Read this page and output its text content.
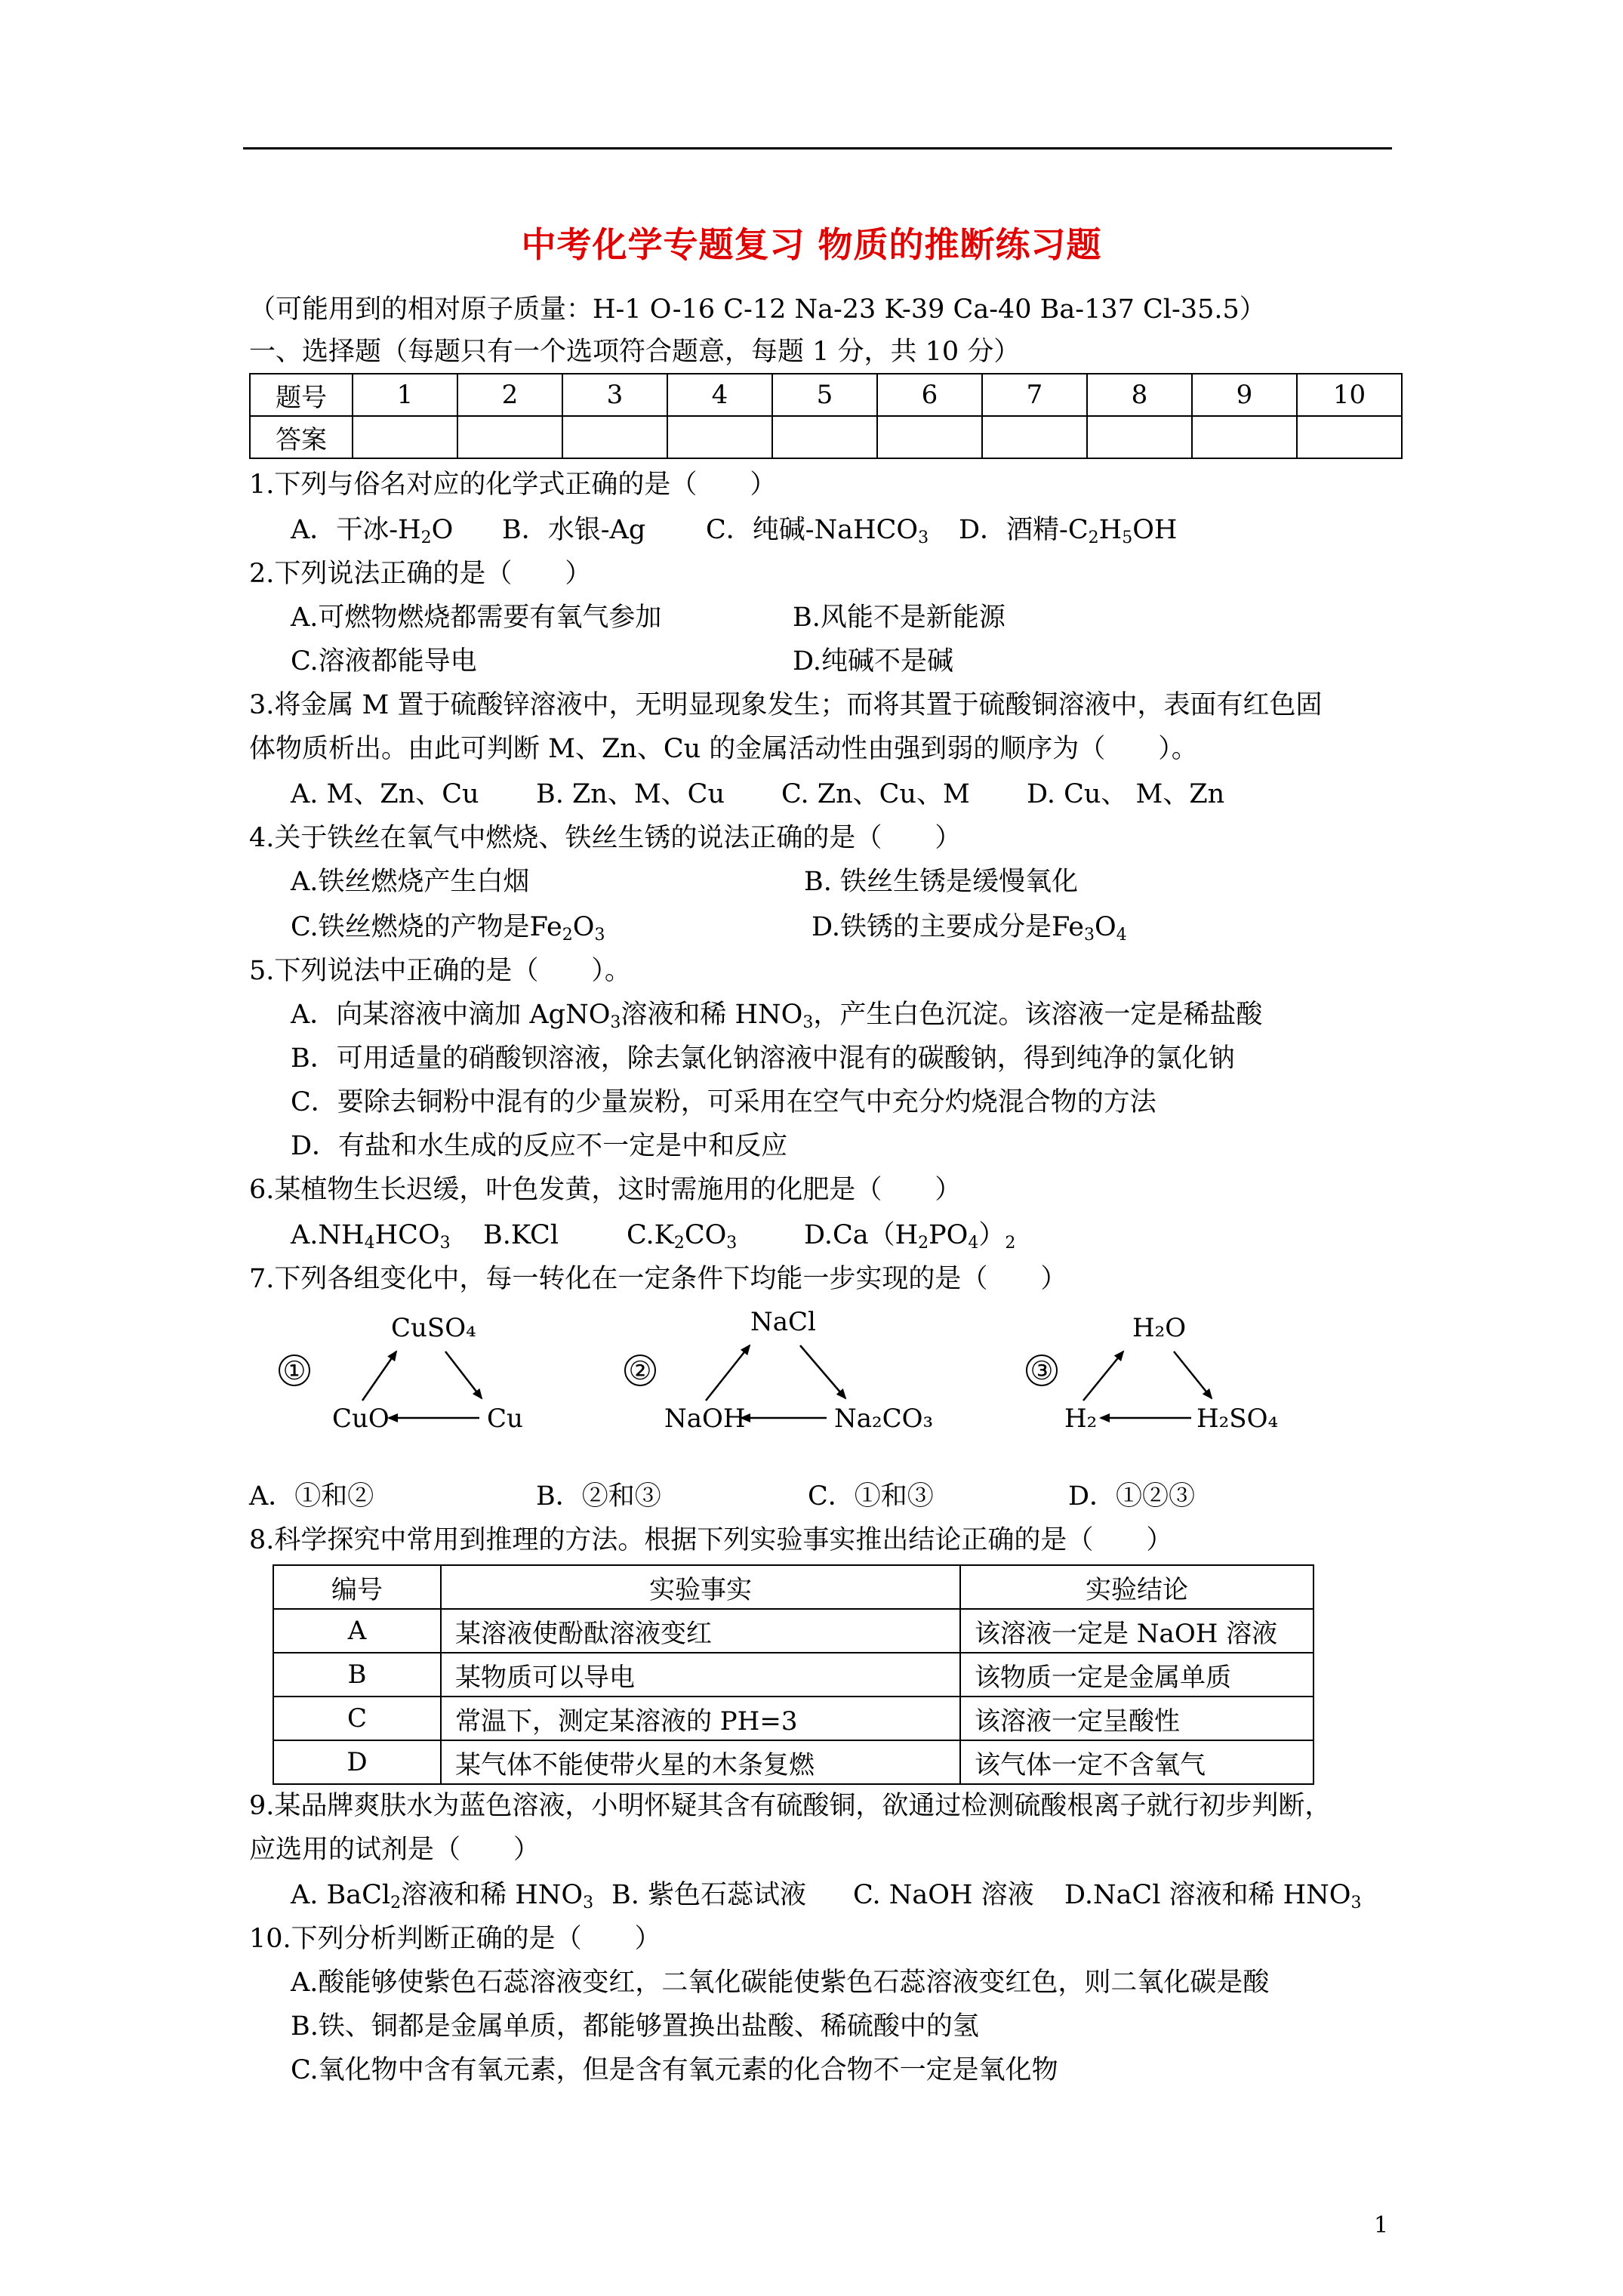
中考化学专题复习 物质的推断练习题
（可能用到的相对原子质量：H-1 O-16 C-12 Na-23 K-39 Ca-40 Ba-137 Cl-35.5）
一、选择题（每题只有一个选项符合题意，每题 1 分，共 10 分）
题号	1	2	3	4	5	6	7	8	9	10
答案										
1.下列与俗名对应的化学式正确的是（　　）
A．干冰$-H_2O$ B．水银-Ag C．纯碱-NaHCO$_3$ D．酒精$-C_2H_5OH$
2.下列说法正确的是（　　）
A.可燃物燃烧都需要有氧气参加	B.风能不是新能源
C.溶液都能导电	D.纯碱不是碱
3.将金属 M 置于硫酸锌溶液中，无明显现象发生；而将其置于硫酸铜溶液中，表面有红色固
体物质析出。由此可判断 M、Zn、Cu 的金属活动性由强到弱的顺序为（　　）。
A. M、Zn、Cu B. Zn、M、Cu C. Zn、Cu、M D. Cu、 M、Zn
4.关于铁丝在氧气中燃烧、铁丝生锈的说法正确的是（　　）
A.铁丝燃烧产生白烟	B. 铁丝生锈是缓慢氧化
C.铁丝燃烧的产物是$Fe_2O_3$	D.铁锈的主要成分是$Fe_3O_4$
5.下列说法中正确的是（　　）。
A．向某溶液中滴加 AgNO$_3$溶液和稀 $HNO_3$，产生白色沉淀。该溶液一定是稀盐酸
B．可用适量的硝酸钡溶液，除去氯化钠溶液中混有的碳酸钠，得到纯净的氯化钠
C．要除去铜粉中混有的少量炭粉，可采用在空气中充分灼烧混合物的方法
D．有盐和水生成的反应不一定是中和反应
6.某植物生长迟缓，叶色发黄，这时需施用的化肥是（　　）
$A.NH_4HCO_3$ B.KCl	$C.K_2CO_3$	$D.Ca(H_2PO_4)_2$
7.下列各组变化中，每一转化在一定条件下均能一步实现的是（　　）
①
CuSO₄
CuO	Cu
②
NaCl
NaOH	Na₂CO₃
③
H₂O
H₂	H₂SO₄
A．①和②	B．②和③	C．①和③	D．①②③
8.科学探究中常用到推理的方法。根据下列实验事实推出结论正确的是（　　）
编号	实验事实	实验结论
A	某溶液使酚酞溶液变红	该溶液一定是 NaOH 溶液
B	某物质可以导电	该物质一定是金属单质
C	常温下，测定某溶液的 PH=3	该溶液一定呈酸性
D	某气体不能使带火星的木条复燃	该气体一定不含氧气
9.某品牌爽肤水为蓝色溶液，小明怀疑其含有硫酸铜，欲通过检测硫酸根离子就行初步判断，
应选用的试剂是（　　）
A. BaCl$_2$溶液和稀 $HNO_3$ B. 紫色石蕊试液 C. NaOH 溶液 D.NaCl 溶液和稀 $HNO_3$
10.下列分析判断正确的是（　　）
A.酸能够使紫色石蕊溶液变红，二氧化碳能使紫色石蕊溶液变红色，则二氧化碳是酸
B.铁、铜都是金属单质，都能够置换出盐酸、稀硫酸中的氢
C.氧化物中含有氧元素，但是含有氧元素的化合物不一定是氧化物
1
